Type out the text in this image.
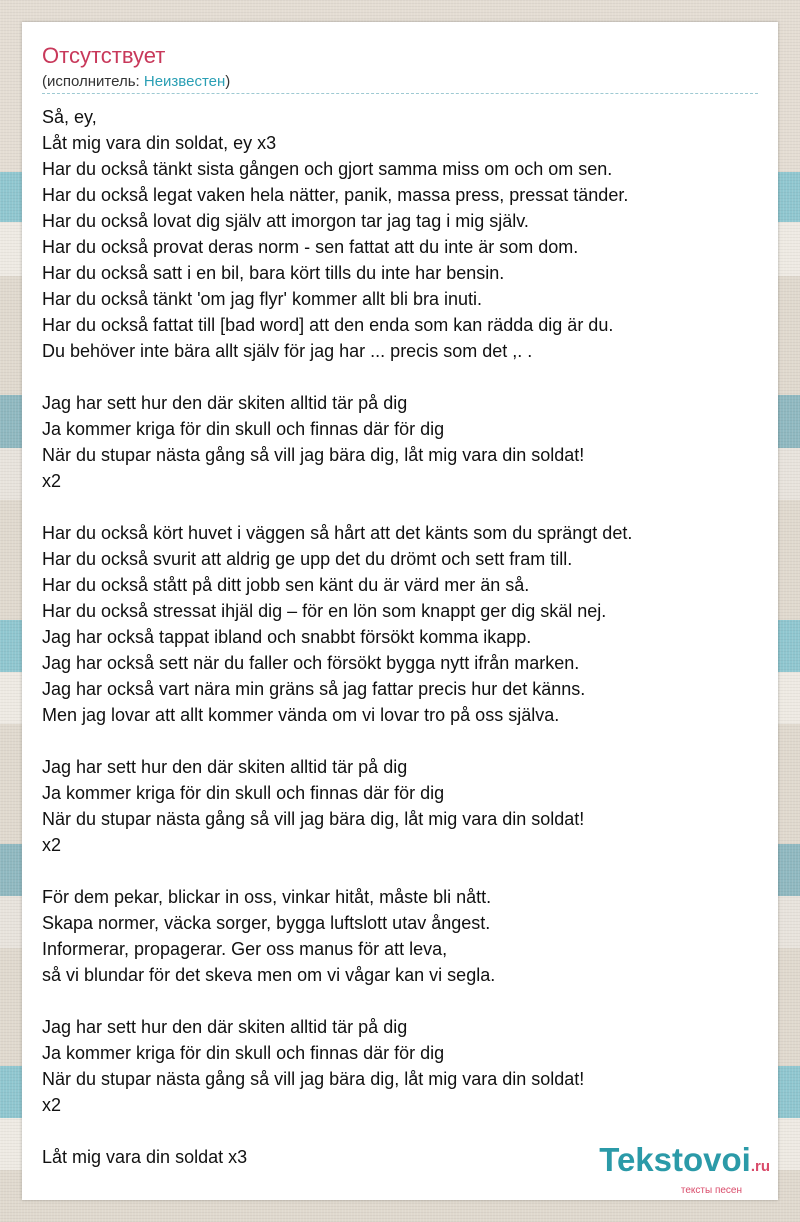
Отсутствует
(исполнитель: Неизвестен)
Så, ey,
Låt mig vara din soldat, ey x3
Har du också tänkt sista gången och gjort samma miss om och om sen.
Har du också legat vaken hela nätter, panik, massa press, pressat tänder.
Har du också lovat dig själv att imorgon tar jag tag i mig själv.
Har du också provat deras norm - sen fattat att du inte är som dom.
Har du också satt i en bil, bara kört tills du inte har bensin.
Har du också tänkt 'om jag flyr' kommer allt bli bra inuti.
Har du också fattat till [bad word] att den enda som kan rädda dig är du.
Du behöver inte bära allt själv för jag har ... precis som det ,. .
Jag har sett hur den där skiten alltid tär på dig
Ja kommer kriga för din skull och finnas där för dig
När du stupar nästa gång så vill jag bära dig, låt mig vara din soldat!
x2
Har du också kört huvet i väggen så hårt att det känts som du sprängt det.
Har du också svurit att aldrig ge upp det du drömt och sett fram till.
Har du också stått på ditt jobb sen känt du är värd mer än så.
Har du också stressat ihjäl dig – för en lön som knappt ger dig skäl nej.
Jag har också tappat ibland och snabbt försökt komma ikapp.
Jag har också sett när du faller och försökt bygga nytt ifrån marken.
Jag har också vart nära min gräns så jag fattar precis hur det känns.
Men jag lovar att allt kommer vända om vi lovar tro på oss själva.
Jag har sett hur den där skiten alltid tär på dig
Ja kommer kriga för din skull och finnas där för dig
När du stupar nästa gång så vill jag bära dig, låt mig vara din soldat!
x2
För dem pekar, blickar in oss, vinkar hitåt, måste bli nått.
Skapa normer, väcka sorger, bygga luftslott utav ångest.
Informerar, propagerar. Ger oss manus för att leva,
så vi blundar för det skeva men om vi vågar kan vi segla.
Jag har sett hur den där skiten alltid tär på dig
Ja kommer kriga för din skull och finnas där för dig
När du stupar nästa gång så vill jag bära dig, låt mig vara din soldat!
x2
Låt mig vara din soldat x3	Tekstovoi.ru
тексты песен
